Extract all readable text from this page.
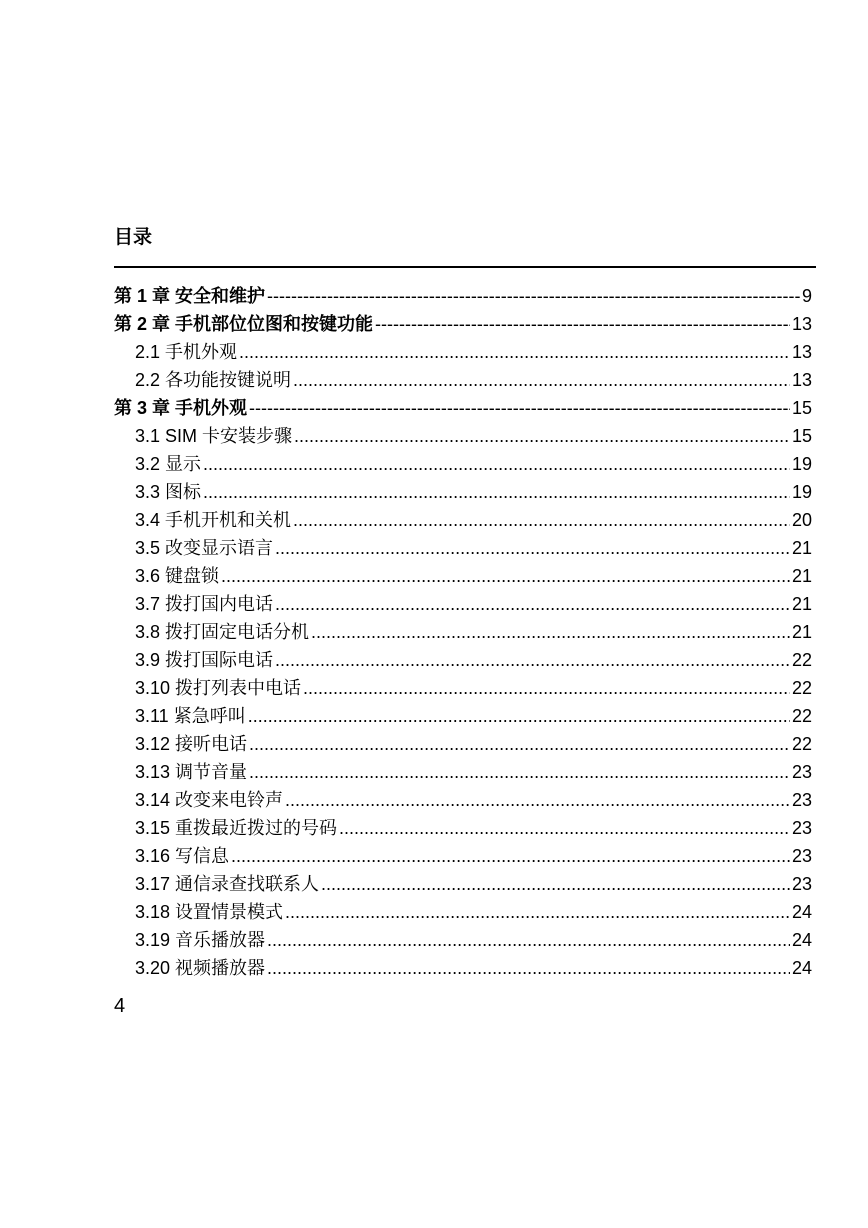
目录
第 1 章 安全和维护 -----	9
第 2 章 手机部位位图和按键功能 -----	13
2.1 手机外观 .....	13
2.2 各功能按键说明 .....	13
第 3 章 手机外观 -----	15
3.1 SIM 卡安装步骤 .....	15
3.2 显示 .....	19
3.3 图标 .....	19
3.4 手机开机和关机 .....	20
3.5 改变显示语言 .....	21
3.6 键盘锁 .....	21
3.7 拨打国内电话 .....	21
3.8 拨打固定电话分机 .....	21
3.9 拨打国际电话 .....	22
3.10 拨打列表中电话 .....	22
3.11 紧急呼叫 .....	22
3.12 接听电话 .....	22
3.13 调节音量 .....	23
3.14 改变来电铃声 .....	23
3.15 重拨最近拨过的号码 .....	23
3.16 写信息 .....	23
3.17 通信录查找联系人 .....	23
3.18 设置情景模式 .....	24
3.19 音乐播放器 .....	24
3.20 视频播放器 .....	24
4
